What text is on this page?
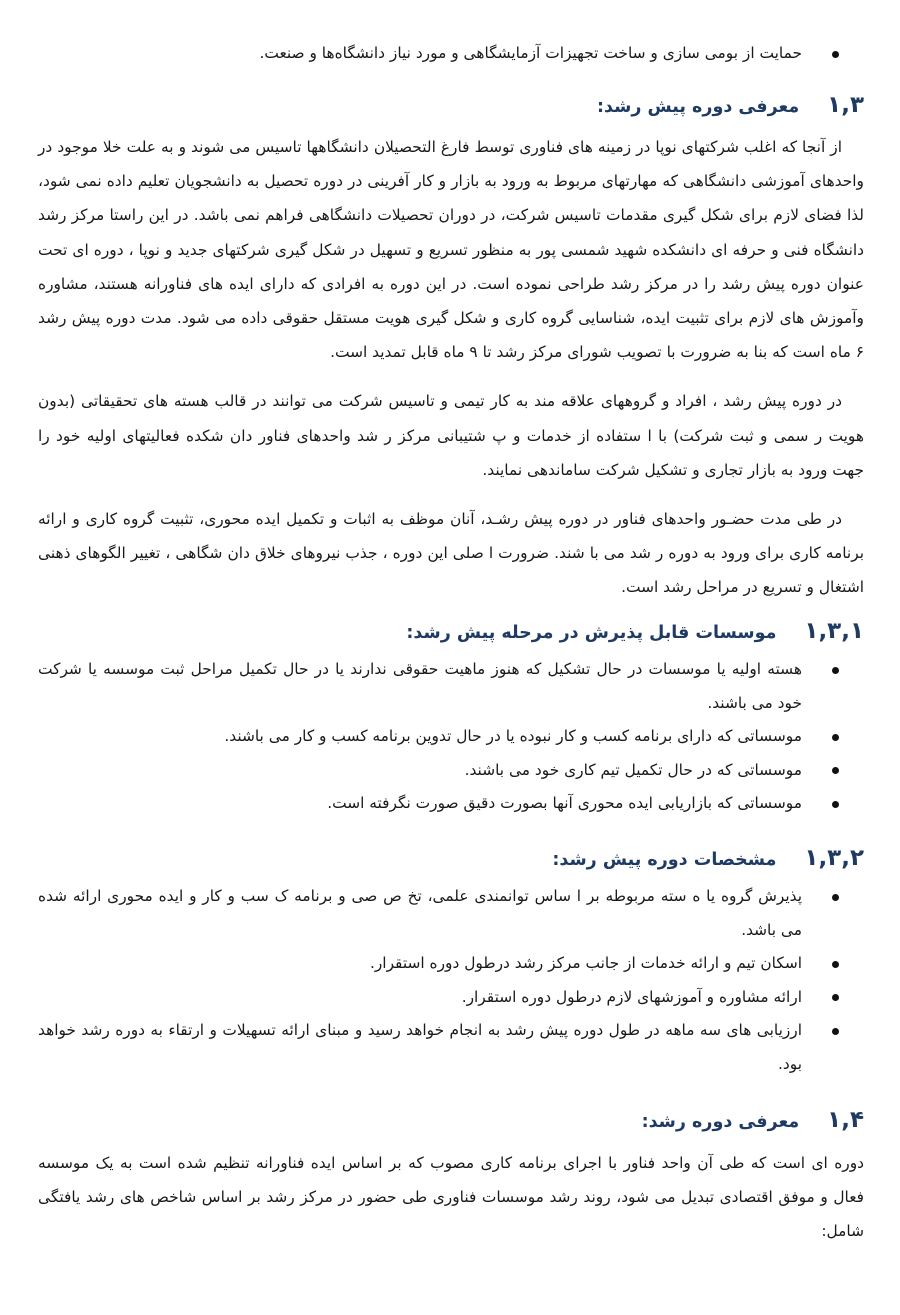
حمایت از بومی سازی و ساخت تجهیزات آزمایشگاهی و مورد نیاز دانشگاه‌ها و صنعت.
۱,۳
معرفی دوره پیش رشد
:

از آنجا که اغلب شرکتهای نوپا در زمینه های فناوری توسط فارغ التحصیلان دانشگاهها تاسیس می شوند و به علت خلا موجود در واحدهای آموزشی دانشگاهی که مهارتهای مربوط به ورود به بازار و کار آفرینی در دوره تحصیل به دانشجویان تعلیم داده نمی شود، لذا فضای لازم برای شکل گیری مقدمات تاسیس شرکت، در دوران تحصیلات دانشگاهی فراهم نمی باشد. در این راستا مرکز رشد دانشگاه فنی و حرفه ای دانشکده شهید شمسی پور به منظور تسریع و تسهیل در شکل گیری شرکتهای جدید و نوپا ، دوره ای تحت عنوان دوره پیش رشد را در مرکز رشد طراحی نموده است. در این دوره به افرادی که دارای ایده های فناورانه هستند، مشاوره وآموزش های لازم برای تثبیت ایده، شناسایی گروه کاری و شکل گیری هویت مستقل حقوقی داده می شود. مدت دوره پیش رشد ۶ ماه است که بنا به ضرورت با تصویب شورای مرکز رشد تا ۹ ماه قابل تمدید است.

در دوره پیش رشد ، افراد و گروههای علاقه مند به کار تیمی و تاسیس شرکت می توانند در قالب هسته های تحقیقاتی (بدون هویت ر سمی و ثبت شرکت) با ا ستفاده از خدمات و پ شتیبانی مرکز ر شد واحدهای فناور دان شکده فعالیتهای اولیه خود را جهت ورود به بازار تجاری و تشکیل شرکت ساماندهی نمایند.

در طی مدت حضـور واحدهای فناور در دوره پیش رشـد، آنان موظف به اثبات و تکمیل ایده محوری، تثبیت گروه کاری و ارائه برنامه کاری برای ورود به دوره ر شد می با شند. ضرورت ا صلی این دوره ، جذب نیروهای خلاق دان شگاهی ، تغییر الگوهای ذهنی اشتغال و تسریع در مراحل رشد است.

۱,۳,۱
موسسات قابل پذیرش در مرحله پیش رشد
:
هسته اولیه یا موسسات در حال تشکیل که هنوز ماهیت حقوقی ندارند یا در حال تکمیل مراحل ثبت موسسه یا شرکت خود می باشند.
موسساتی که دارای برنامه کسب و کار نبوده یا در حال تدوین برنامه کسب و کار می باشند.
موسساتی که در حال تکمیل تیم کاری خود می باشند.
موسساتی که بازاریابی ایده محوری آنها بصورت دقیق صورت نگرفته است.
۱,۳,۲
مشخصات دوره پیش رشد
:
پذیرش گروه یا ه سته مربوطه بر ا ساس توانمندی علمی، تخ ص صی و برنامه ک سب و کار و ایده محوری ارائه شده می باشد.
اسکان تیم و ارائه خدمات از جانب مرکز رشد درطول دوره استقرار.
ارائه مشاوره و آموزشهای لازم درطول دوره استقرار.
ارزیابی های سه ماهه در طول دوره پیش رشد به انجام خواهد رسید و مبنای ارائه تسهیلات و ارتقاء به دوره رشد خواهد بود.
۱,۴
معرفی دوره رشد
:

دوره ای است که طی آن واحد فناور با اجرای برنامه کاری مصوب که بر اساس ایده فناورانه تنظیم شده است به یک موسسه فعال و موفق اقتصادی تبدیل می شود، روند رشد موسسات فناوری طی حضور در مرکز رشد بر اساس شاخص های رشد یافتگی شامل:
